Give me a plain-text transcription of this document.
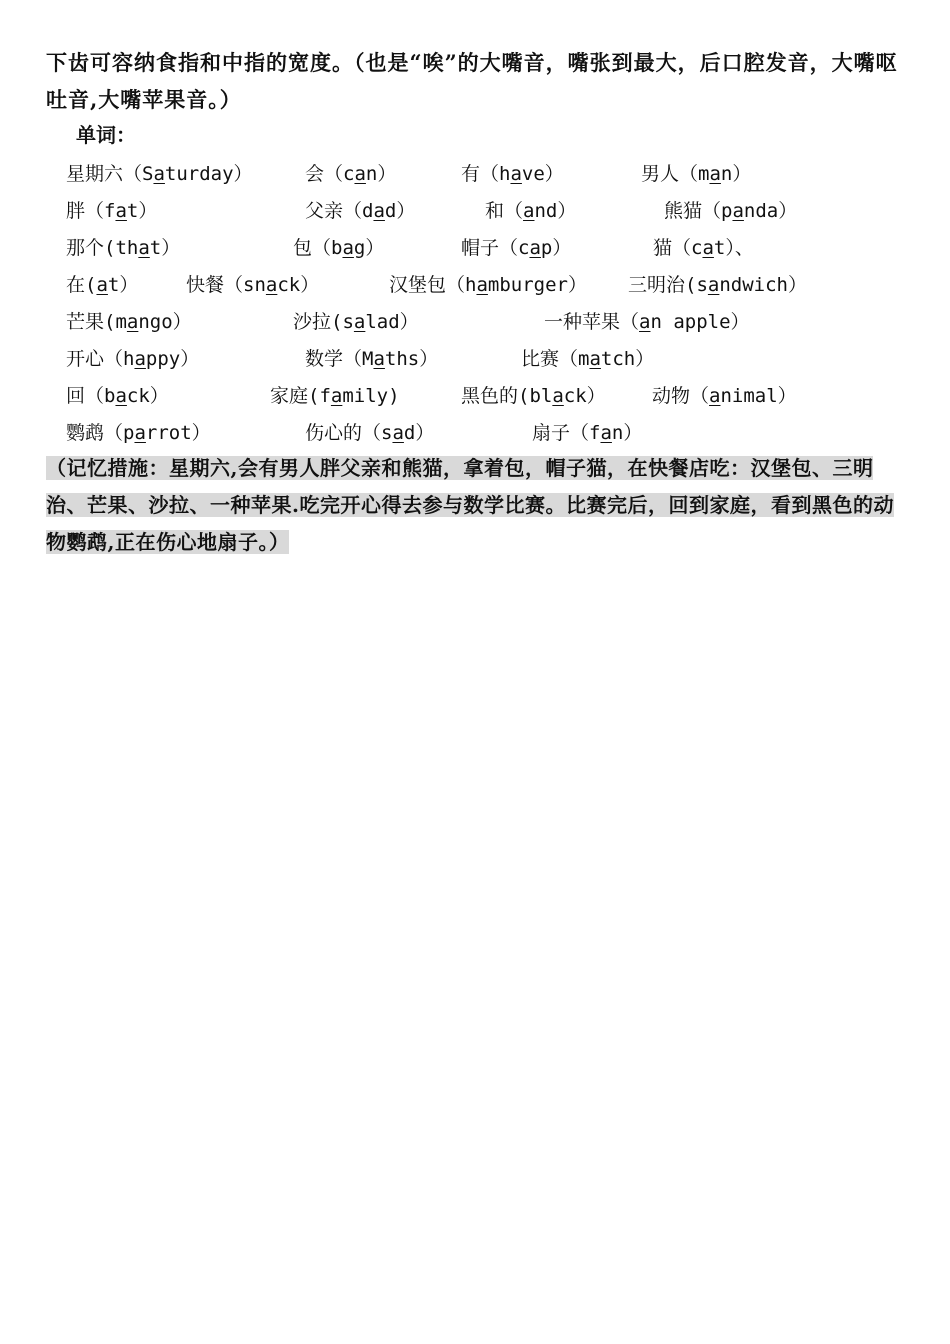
下齿可容纳食指和中指的宽度。（也是“唉”的大嘴音，嘴张到最大，后口腔发音，大嘴呕吐音,大嘴苹果音。）
单词：
星期六（Saturday）	会（can）	有（have）	男人（man）
胖（fat）	父亲（dad）	和（and）	熊猫（panda）
那个(that）	包（bag）	帽子（cap）	猫（cat）、
在(at）	快餐（snack）	汉堡包（hamburger） 三明治(sandwich）
芒果(mango）	沙拉(salad）	一种苹果（an apple）
开心（happy）	数学（Maths）	比赛（match）
回（back）	家庭(family)	黑色的(black） 动物（animal）
鹦鹉（parrot）	伤心的（sad）	扇子（fan）
（记忆措施：星期六,会有男人胖父亲和熊猫，拿着包，帽子猫，在快餐店吃：汉堡包、三明治、芒果、沙拉、一种苹果.吃完开心得去参与数学比赛。比赛完后，回到家庭，看到黑色的动物鹦鹉,正在伤心地扇子。）
